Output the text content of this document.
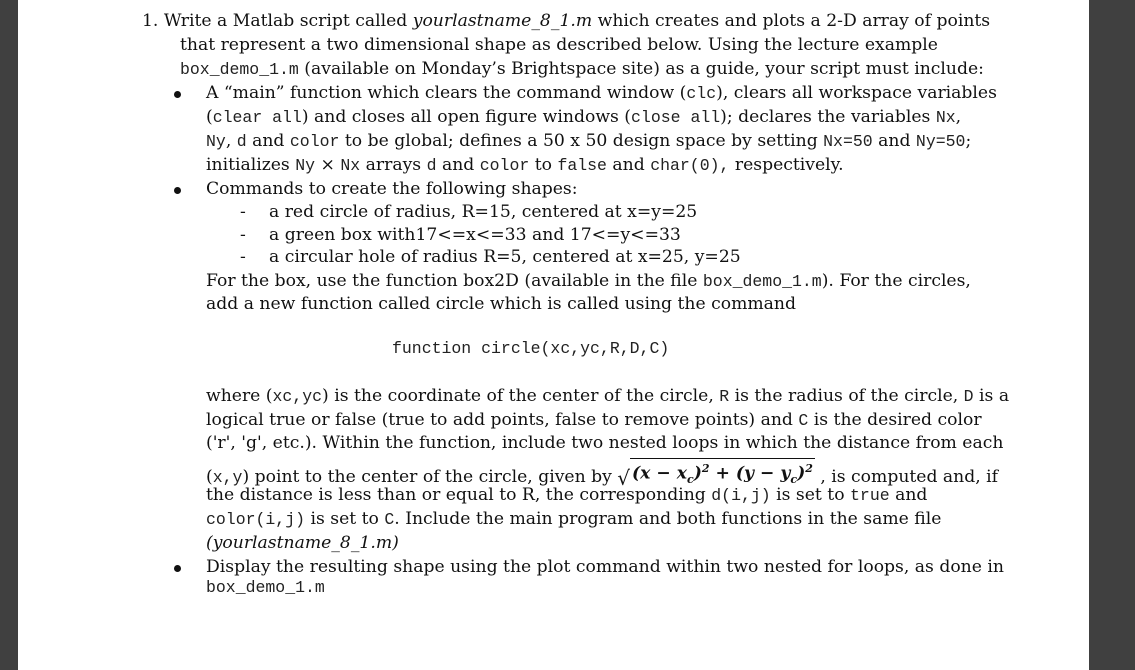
1. Write a Matlab script called yourlastname_8_1.m which creates and plots a 2-D array of points
that represent a two dimensional shape as described below. Using the lecture example
box_demo_1.m (available on Monday’s Brightspace site) as a guide, your script must include:
A “main” function which clears the command window (clc), clears all workspace variables
(clear all) and closes all open figure windows (close all); declares the variables Nx,
Ny, d and color to be global; defines a 50 x 50 design space by setting Nx=50 and Ny=50;
initializes Ny × Nx arrays d and color to false and char(0), respectively.
Commands to create the following shapes:
- a red circle of radius, R=15, centered at x=y=25
- a green box with17<=x<=33 and 17<=y<=33
- a circular hole of radius R=5, centered at x=25, y=25
For the box, use the function box2D (available in the file box_demo_1.m). For the circles,
add a new function called circle which is called using the command
function circle(xc,yc,R,D,C)
where (xc,yc) is the coordinate of the center of the circle, R is the radius of the circle, D is a
logical true or false (true to add points, false to remove points) and C is the desired color
('r', 'g', etc.). Within the function, include two nested loops in which the distance from each
(x,y) point to the center of the circle, given by √ $(x - x_c)^2 + (y - y_c)^2$ , is computed and, if
the distance is less than or equal to R, the corresponding d(i,j) is set to true and
color(i,j) is set to C. Include the main program and both functions in the same file
(yourlastname_8_1.m)
Display the resulting shape using the plot command within two nested for loops, as done in
box_demo_1.m
